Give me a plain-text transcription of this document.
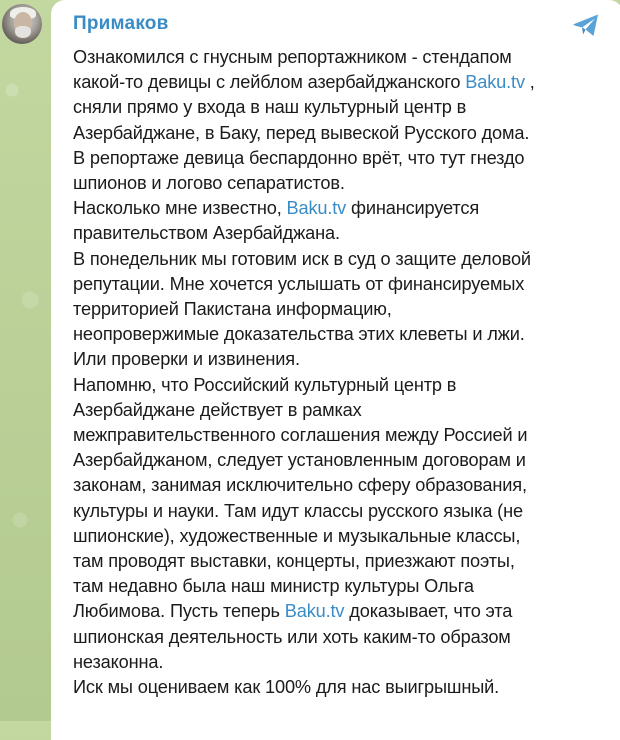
Примаков

Ознакомился с гнусным репортажником - стендапом

какой-то девицы с лейблом азербайджанского Baku.tv ,

сняли прямо у входа в наш культурный центр в

Азербайджане, в Баку, перед вывеской Русского дома.

В репортаже девица беспардонно врёт, что тут гнездо

шпионов и логово сепаратистов.

Насколько мне известно, Baku.tv финансируется

правительством Азербайджана.

В понедельник мы готовим иск в суд о защите деловой

репутации. Мне хочется услышать от финансируемых

территорией Пакистана информацию,

неопровержимые доказательства этих клеветы и лжи.

Или проверки и извинения.

Напомню, что Российский культурный центр в

Азербайджане действует в рамках

межправительственного соглашения между Россией и

Азербайджаном, следует установленным договорам и

законам, занимая исключительно сферу образования,

культуры и науки. Там идут классы русского языка (не

шпионские), художественные и музыкальные классы,

там проводят выставки, концерты, приезжают поэты,

там недавно была наш министр культуры Ольга

Любимова. Пусть теперь Baku.tv доказывает, что эта

шпионская деятельность или хоть каким-то образом

незаконна.

Иск мы оцениваем как 100% для нас выигрышный.
